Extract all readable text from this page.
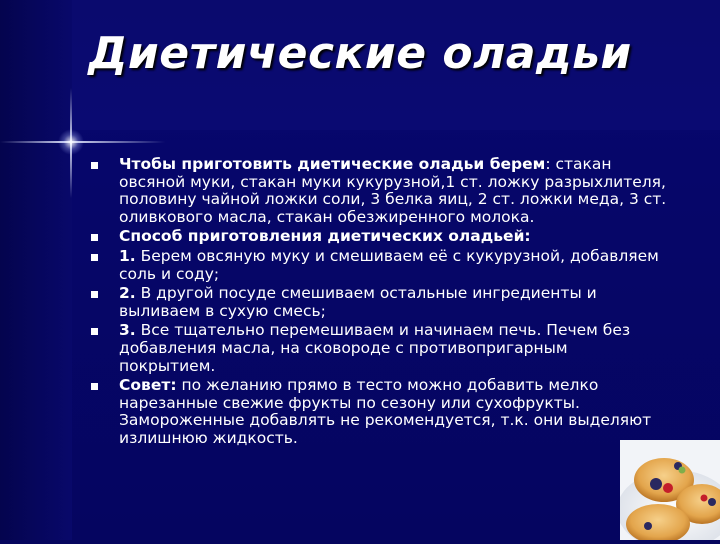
Диетические оладьи
Чтобы приготовить диетические оладьи берем: стакан овсяной муки, стакан муки кукурузной,1 ст. ложку разрыхлителя, половину чайной ложки соли, 3 белка яиц, 2 ст. ложки меда, 3 ст. оливкового масла, стакан обезжиренного молока.
Способ приготовления диетических оладьей:
1. Берем овсяную муку и смешиваем её с кукурузной, добавляем соль и соду;
2. В другой посуде смешиваем остальные ингредиенты и выливаем в сухую смесь;
3. Все тщательно перемешиваем и начинаем печь. Печем без добавления масла, на сковороде с противопригарным покрытием.
Совет: по желанию прямо в тесто можно добавить мелко нарезанные свежие фрукты по сезону или сухофрукты. Замороженные добавлять не рекомендуется, т.к. они выделяют излишнюю жидкость.
